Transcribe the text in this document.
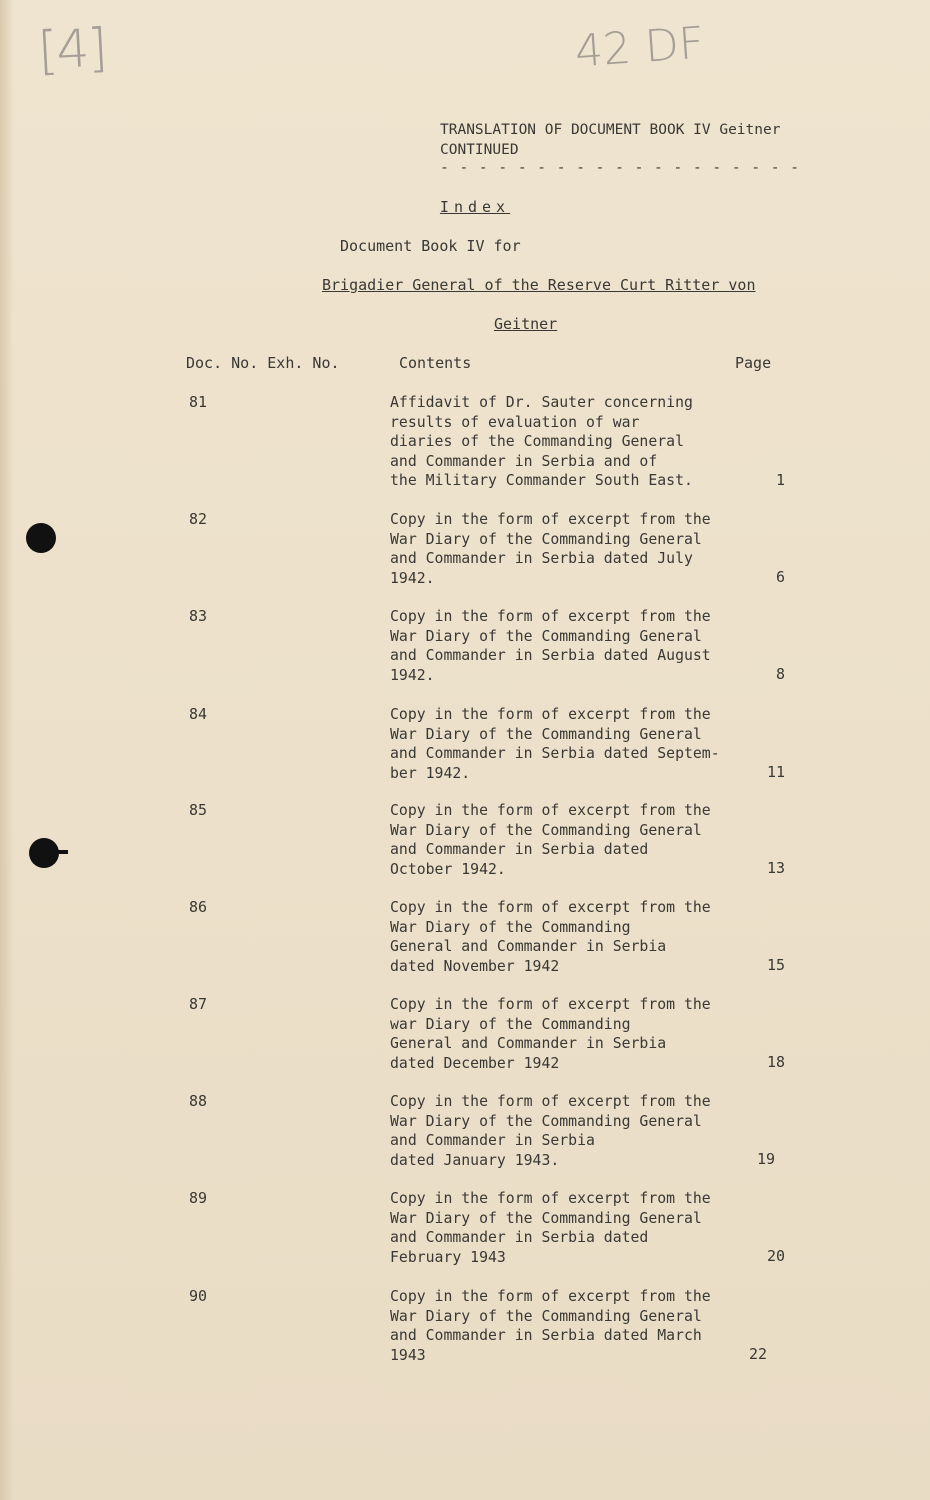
[4]	42 DF
TRANSLATION OF DOCUMENT BOOK IV Geitner
CONTINUED
- - - - - - - - - - - - - - - - - - -
Index
Document Book IV for
Brigadier General of the Reserve Curt Ritter von
Geitner
Doc. No. Exh. No.	Contents	Page
81	Affidavit of Dr. Sauter concerning
results of evaluation of war
diaries of the Commanding General
and Commander in Serbia and of
the Military Commander South East.	1
82	Copy in the form of excerpt from the
War Diary of the Commanding General
and Commander in Serbia dated July
1942.	6
83	Copy in the form of excerpt from the
War Diary of the Commanding General
and Commander in Serbia dated August
1942.	8
84	Copy in the form of excerpt from the
War Diary of the Commanding General
and Commander in Serbia dated Septem-
ber 1942.	11
85	Copy in the form of excerpt from the
War Diary of the Commanding General
and Commander in Serbia dated
October 1942.	13
86	Copy in the form of excerpt from the
War Diary of the Commanding
General and Commander in Serbia
dated November 1942	15
87	Copy in the form of excerpt from the
war Diary of the Commanding
General and Commander in Serbia
dated December 1942	18
88	Copy in the form of excerpt from the
War Diary of the Commanding General
and Commander in Serbia
dated January 1943.	19
89	Copy in the form of excerpt from the
War Diary of the Commanding General
and Commander in Serbia dated
February 1943	20
90	Copy in the form of excerpt from the
War Diary of the Commanding General
and Commander in Serbia dated March
1943	22
